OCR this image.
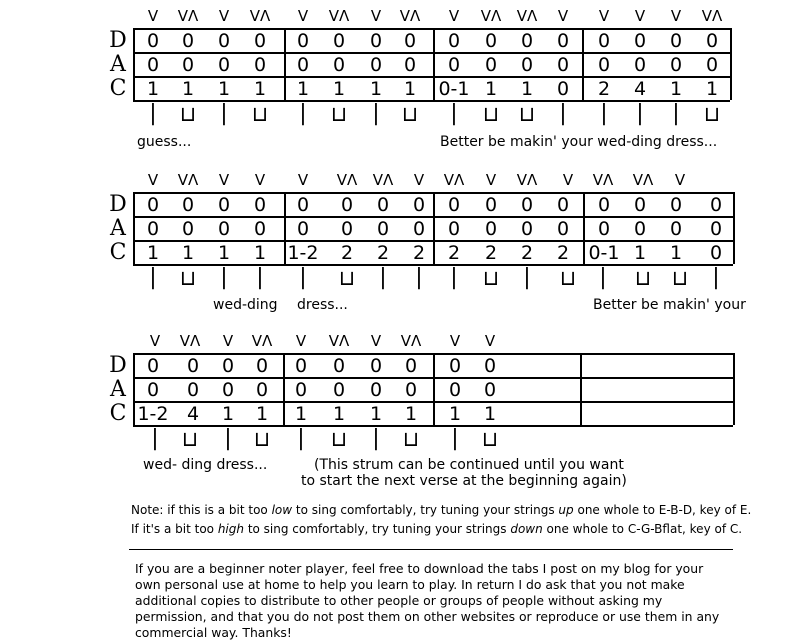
V	VΛ	V	VΛ	V	VΛ	V	VΛ	V	VΛ	VΛ	V	V	V	V	VΛ
D
A
C
0	0	0	0	0	0	0	0	0	0	0	0	0	0	0	0
0	0	0	0	0	0	0	0	0	0	0	0	0	0	0	0
1	1	1	1	1	1	1	1	0-1 1	1	0	2	4	1	1
|	⊔	|	⊔	|	⊔	|	⊔	|	⊔ ⊔	|	|	|	|	⊔
guess...	Better be makin' your wed-ding dress...
V	VΛ	V	V	V	VΛ	VΛ	V	VΛ	V	VΛ	V	VΛ	VΛ	V
D
A
C
0	0	0	0	0	0	0	0	0	0	0	0	0	0	0	0
0	0	0	0	0	0	0	0	0	0	0	0	0	0	0	0
1	1	1	1	1-2	2	2	2	2	2	2	2	0-1 1	1	0
|	⊔	|	|	|	⊔	|	|	|	⊔	|	⊔	|	⊔ ⊔	|
wed-ding dress...	Better be makin' your
V	VΛ	V	VΛ	V	VΛ	V	VΛ	V	V
D
A
C
0	0	0	0	0	0	0	0	0	0
0	0	0	0	0	0	0	0	0	0
1-2 4	1	1	1	1	1	1	1	1
|	⊔	|	⊔	|	⊔	|	⊔	|	⊔
wed- ding dress...	(This strum can be continued until you want
to start the next verse at the beginning again)
Note: if this is a bit too low to sing comfortably, try tuning your strings up one whole to E-B-D, key of E.
If it's a bit too high to sing comfortably, try tuning your strings down one whole to C-G-Bflat, key of C.
If you are a beginner noter player, feel free to download the tabs I post on my blog for your own personal use at home to help you learn to play. In return I do ask that you not make additional copies to distribute to other people or groups of people without asking my permission, and that you do not post them on other websites or reproduce or use them in any commercial way. Thanks!
